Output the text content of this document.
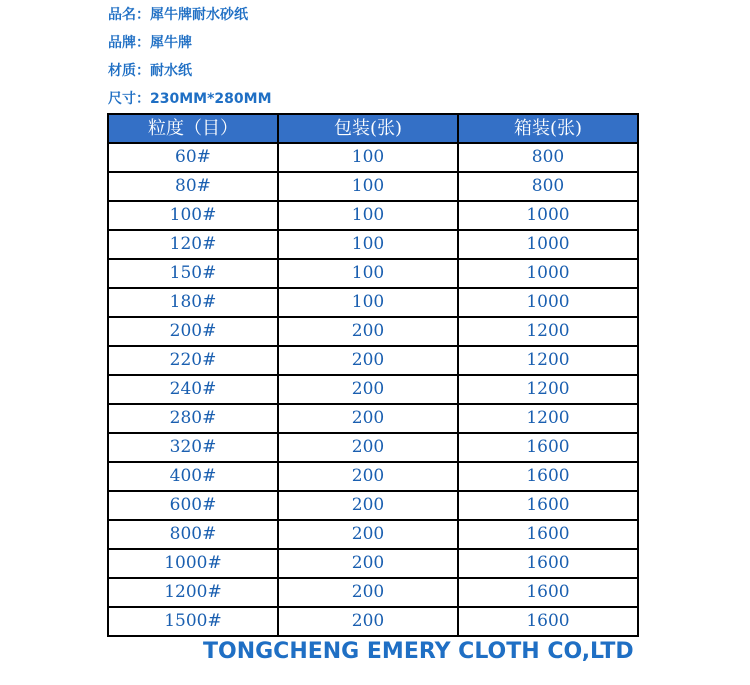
品名：犀牛牌耐水砂纸
品牌：犀牛牌
材质：耐水纸
尺寸：230MM*280MM
粒度（目）	包装(张)	箱装(张)
60#	100	800
80#	100	800
100#	100	1000
120#	100	1000
150#	100	1000
180#	100	1000
200#	200	1200
220#	200	1200
240#	200	1200
280#	200	1200
320#	200	1600
400#	200	1600
600#	200	1600
800#	200	1600
1000#	200	1600
1200#	200	1600
1500#	200	1600
TONGCHENG EMERY CLOTH CO,LTD
